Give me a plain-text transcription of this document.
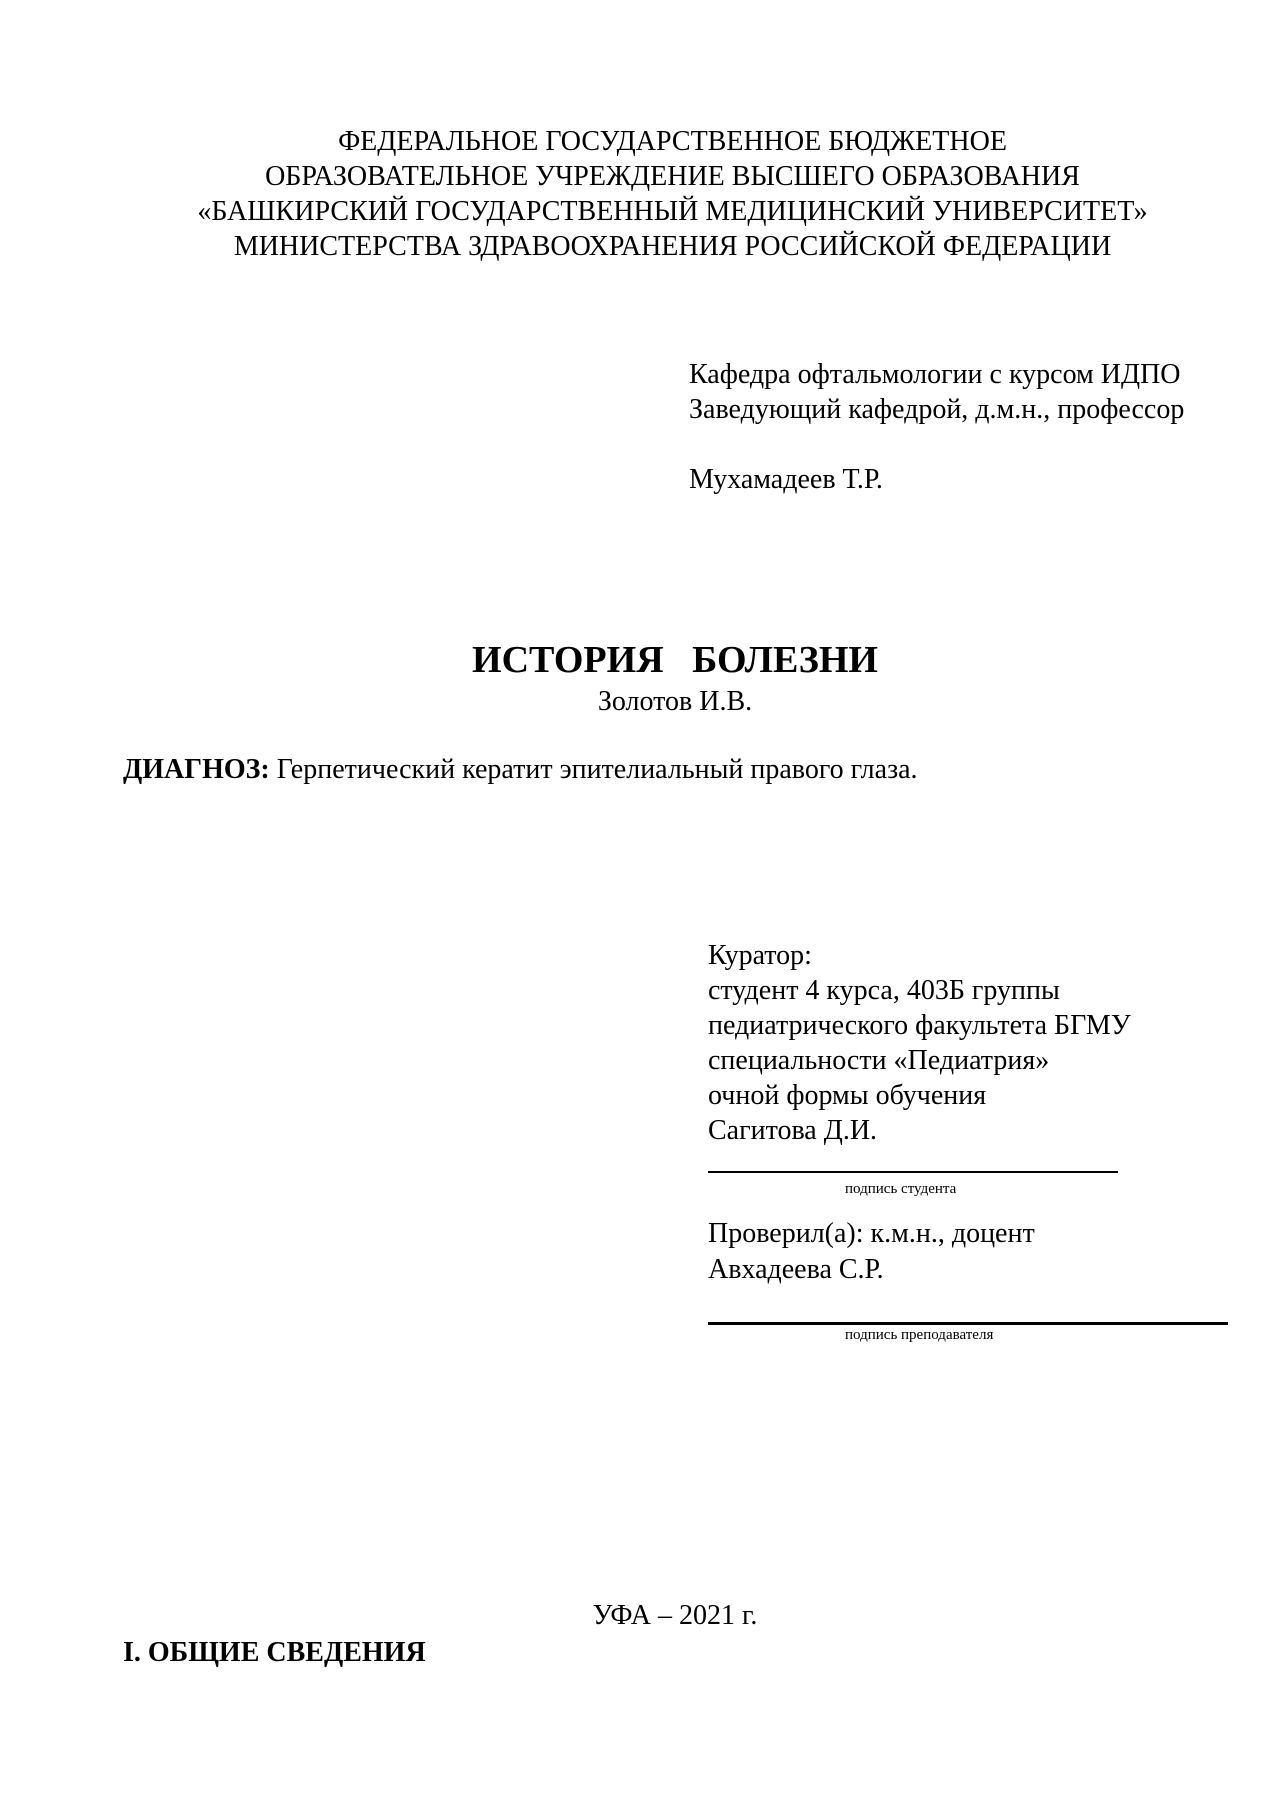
ФЕДЕРАЛЬНОЕ ГОСУДАРСТВЕННОЕ БЮДЖЕТНОЕ
ОБРАЗОВАТЕЛЬНОЕ УЧРЕЖДЕНИЕ ВЫСШЕГО ОБРАЗОВАНИЯ
«БАШКИРСКИЙ ГОСУДАРСТВЕННЫЙ МЕДИЦИНСКИЙ УНИВЕРСИТЕТ»
МИНИСТЕРСТВА ЗДРАВООХРАНЕНИЯ РОССИЙСКОЙ ФЕДЕРАЦИИ
Кафедра офтальмологии с курсом ИДПО
Заведующий кафедрой, д.м.н., профессор
Мухамадеев Т.Р.
ИСТОРИЯ   БОЛЕЗНИ
Золотов И.В.
ДИАГНОЗ: Герпетический кератит эпителиальный правого глаза.
Куратор:
студент 4 курса, 403Б группы
педиатрического факультета БГМУ
специальности «Педиатрия»
очной формы обучения
Сагитова Д.И.
подпись студента
Проверил(а): к.м.н., доцент
Авхадеева С.Р.
подпись преподавателя
УФА – 2021 г.
I. ОБЩИЕ СВЕДЕНИЯ
